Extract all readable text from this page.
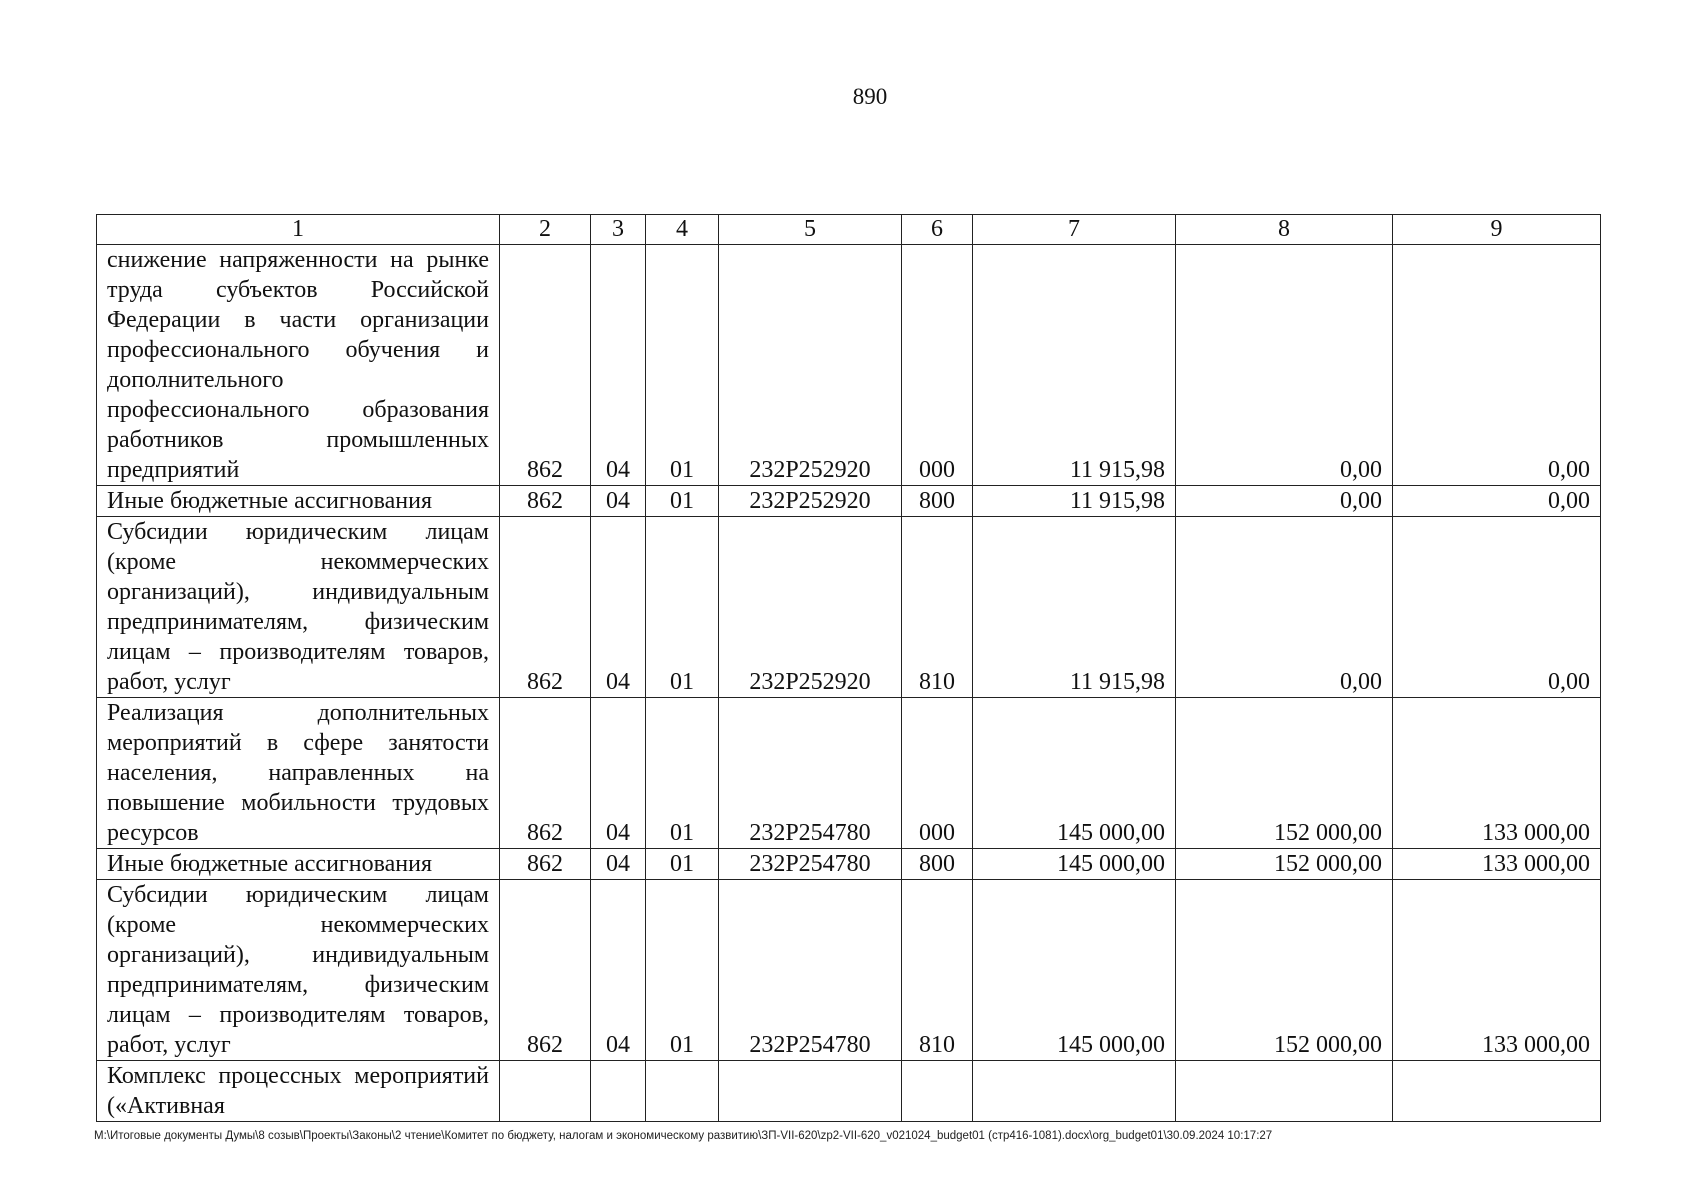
890
1	2	3	4	5	6	7	8	9
снижение напряженности на рынке труда субъектов Российской Федерации в части организации профессионального обучения и дополнительного профессионального образования работников промышленных предприятий	862	04	01	232P252920	000	11 915,98	0,00	0,00
Иные бюджетные ассигнования	862	04	01	232P252920	800	11 915,98	0,00	0,00
Субсидии юридическим лицам (кроме некоммерческих организаций), индивидуальным предпринимателям, физическим лицам – производителям товаров, работ, услуг	862	04	01	232P252920	810	11 915,98	0,00	0,00
Реализация дополнительных мероприятий в сфере занятости населения, направленных на повышение мобильности трудовых ресурсов	862	04	01	232P254780	000	145 000,00	152 000,00	133 000,00
Иные бюджетные ассигнования	862	04	01	232P254780	800	145 000,00	152 000,00	133 000,00
Субсидии юридическим лицам (кроме некоммерческих организаций), индивидуальным предпринимателям, физическим лицам – производителям товаров, работ, услуг	862	04	01	232P254780	810	145 000,00	152 000,00	133 000,00
Комплекс процессных мероприятий («Активная								
M:\Итоговые документы Думы\8 созыв\Проекты\Законы\2 чтение\Комитет по бюджету, налогам и экономическому развитию\ЗП-VII-620\zp2-VII-620_v021024_budget01 (стр416-1081).docx\org_budget01\30.09.2024 10:17:27
